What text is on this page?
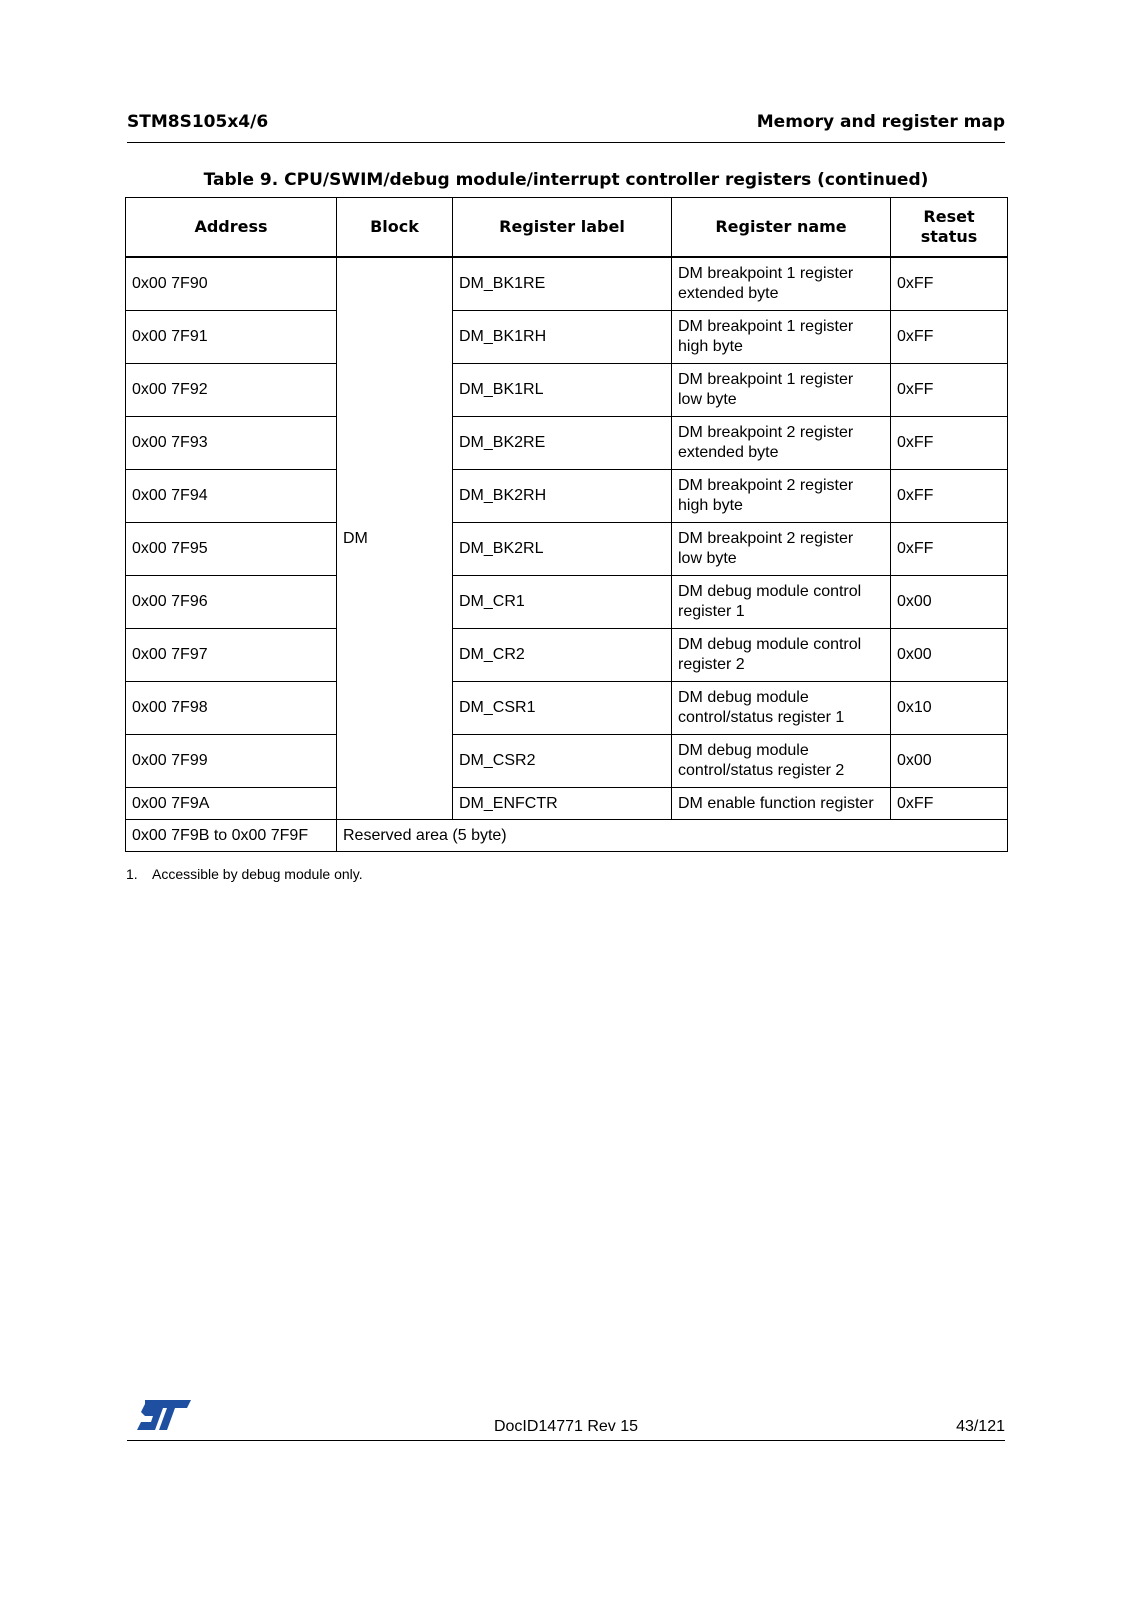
STM8S105x4/6	Memory and register map
Table 9. CPU/SWIM/debug module/interrupt controller registers (continued)
Address	Block	Register label	Register name	Reset
status
0x00 7F90	DM	DM_BK1RE	DM breakpoint 1 register
extended byte	0xFF
0x00 7F91		DM_BK1RH	DM breakpoint 1 register
high byte	0xFF
0x00 7F92		DM_BK1RL	DM breakpoint 1 register
low byte	0xFF
0x00 7F93		DM_BK2RE	DM breakpoint 2 register
extended byte	0xFF
0x00 7F94		DM_BK2RH	DM breakpoint 2 register
high byte	0xFF
0x00 7F95		DM_BK2RL	DM breakpoint 2 register
low byte	0xFF
0x00 7F96		DM_CR1	DM debug module control
register 1	0x00
0x00 7F97		DM_CR2	DM debug module control
register 2	0x00
0x00 7F98		DM_CSR1	DM debug module
control/status register 1	0x10
0x00 7F99		DM_CSR2	DM debug module
control/status register 2	0x00
0x00 7F9A		DM_ENFCTR	DM enable function register	0xFF
0x00 7F9B to 0x00 7F9F	Reserved area (5 byte)			
1. Accessible by debug module only.
DocID14771 Rev 15	43/121
